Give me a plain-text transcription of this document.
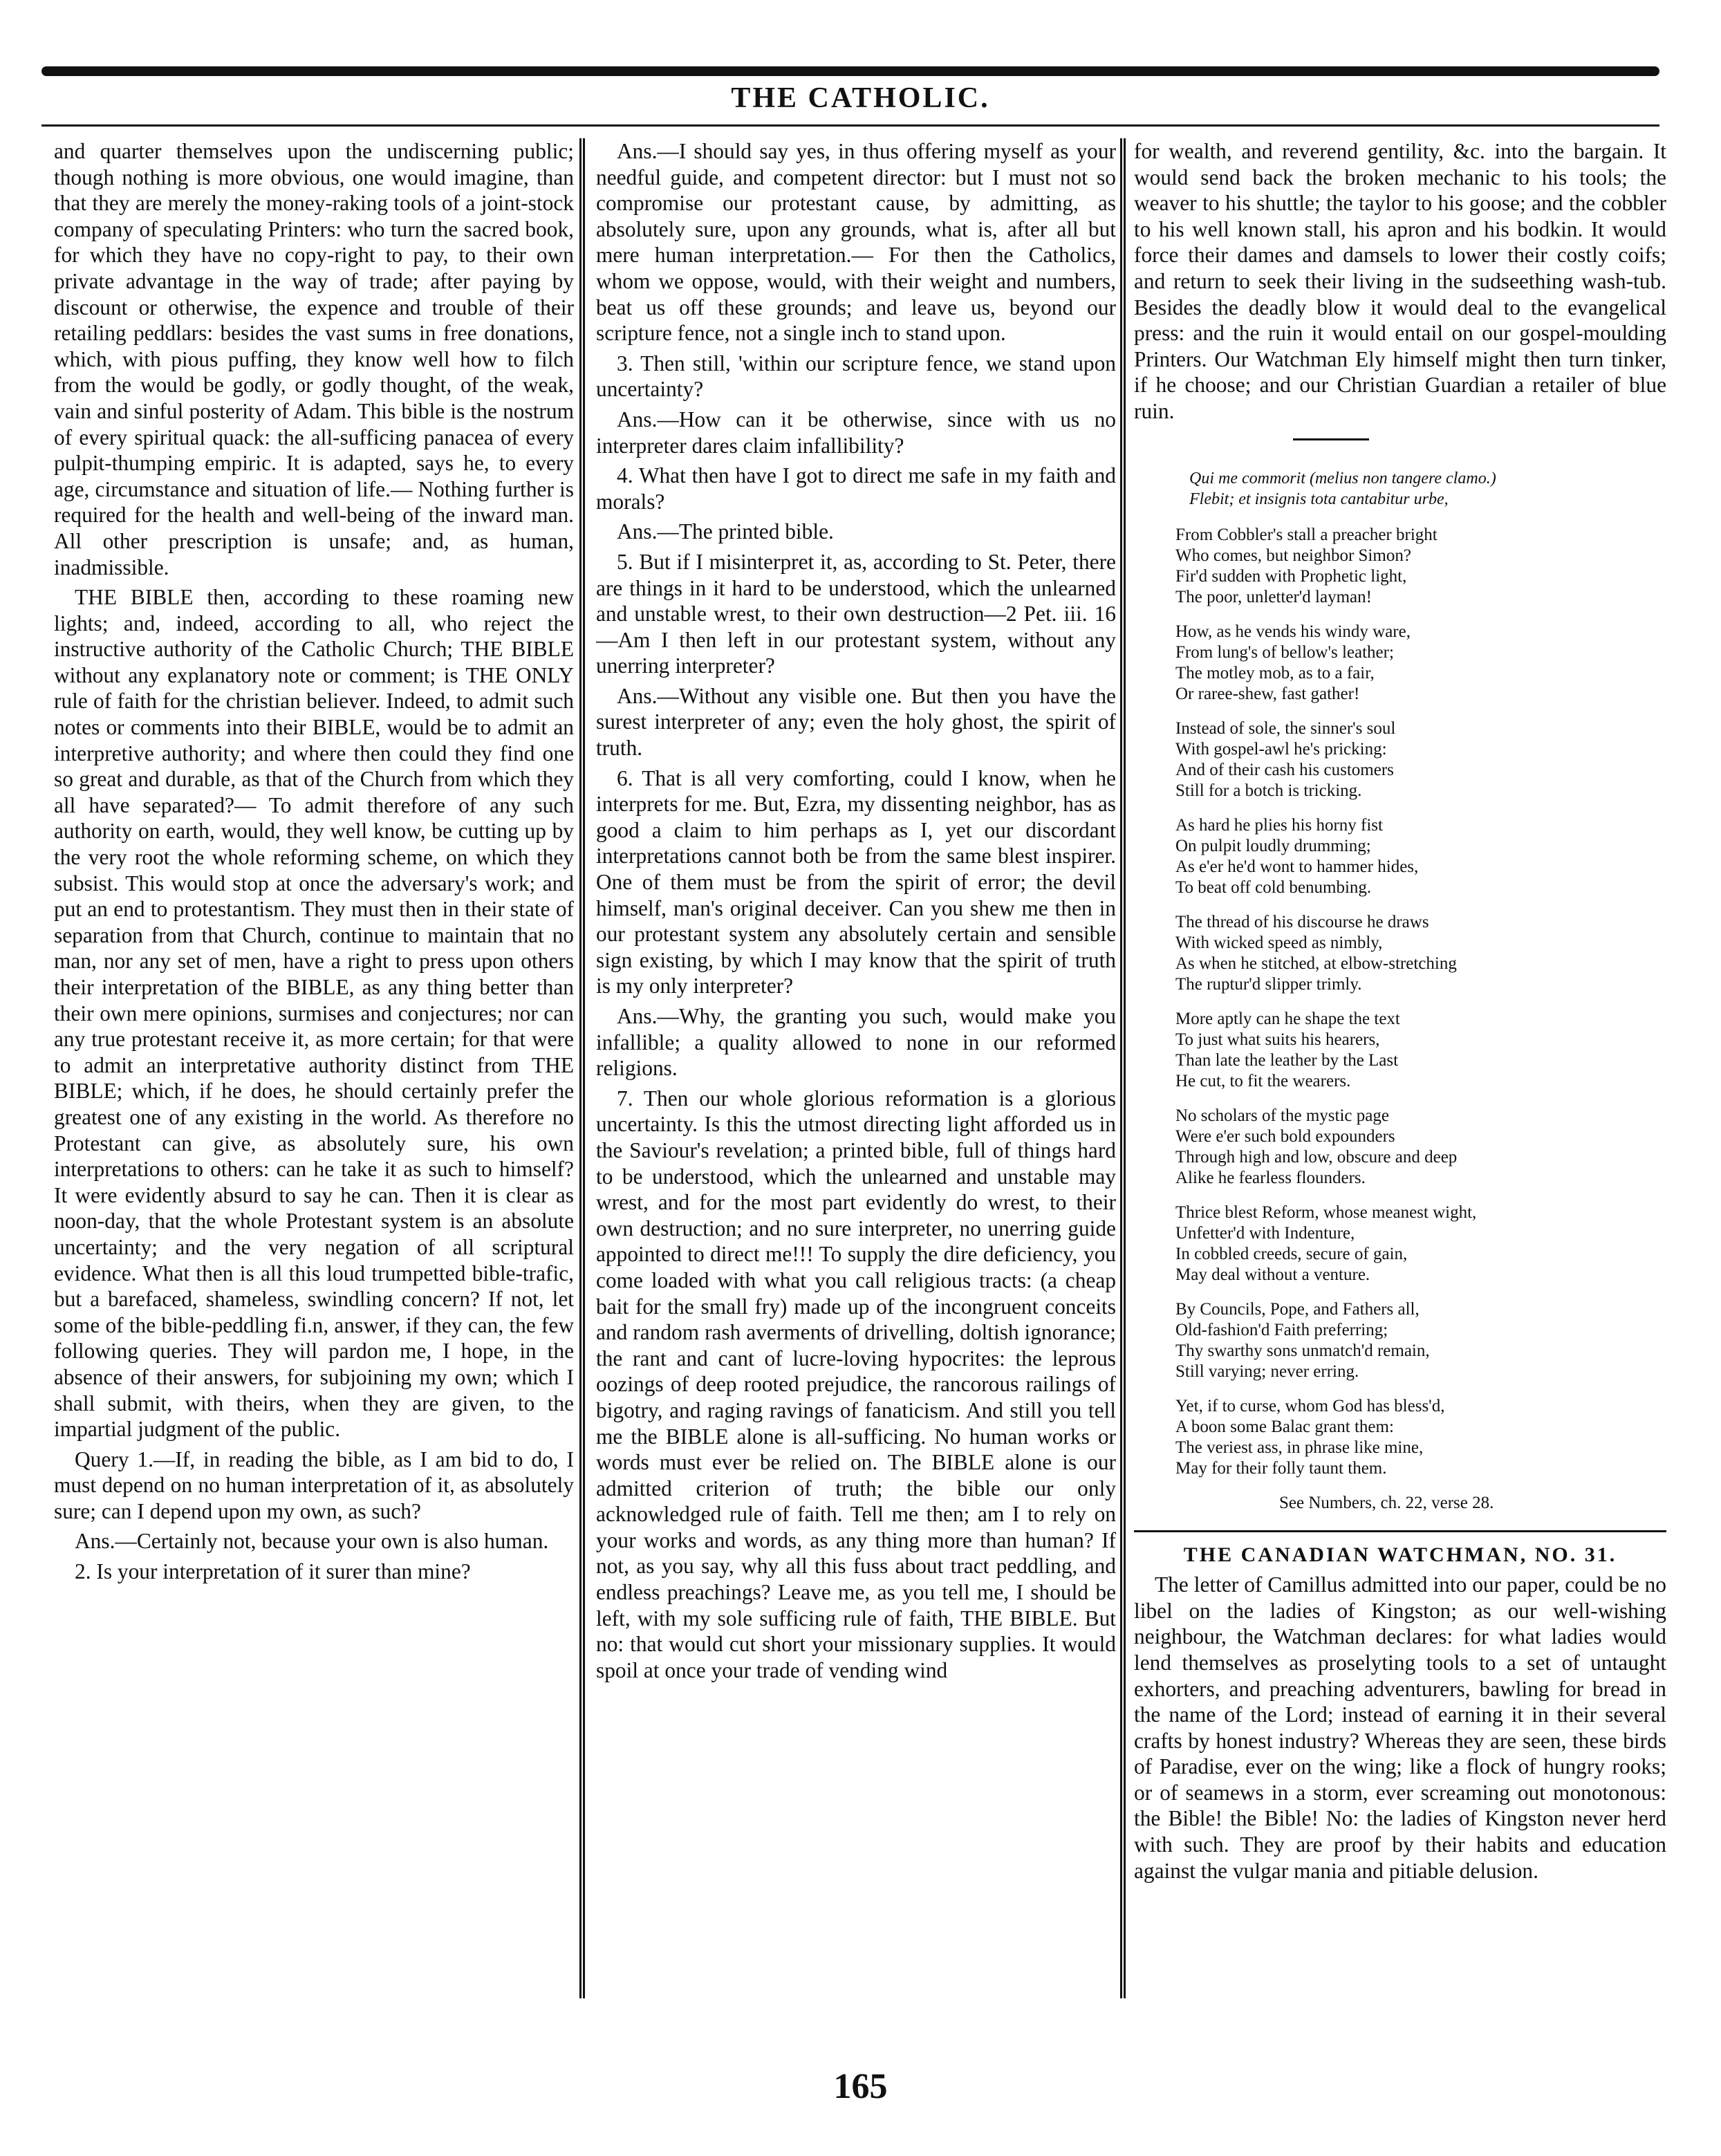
THE CATHOLIC.

and quarter themselves upon the undiscerning public; though nothing is more obvious, one would imagine, than that they are merely the money-raking tools of a joint-stock company of speculating Printers: who turn the sacred book, for which they have no copy-right to pay, to their own private advantage in the way of trade; after paying by discount or otherwise, the expence and trouble of their retailing peddlars: besides the vast sums in free donations, which, with pious puffing, they know well how to filch from the would be godly, or godly thought, of the weak, vain and sinful posterity of Adam. This bible is the nostrum of every spiritual quack: the all-sufficing panacea of every pulpit-thumping empiric. It is adapted, says he, to every age, circumstance and situation of life.— Nothing further is required for the health and well-being of the inward man. All other prescription is unsafe; and, as human, inadmissible.

THE BIBLE then, according to these roaming new lights; and, indeed, according to all, who reject the instructive authority of the Catholic Church; THE BIBLE without any explanatory note or comment; is THE ONLY rule of faith for the christian believer. Indeed, to admit such notes or comments into their BIBLE, would be to admit an interpretive authority; and where then could they find one so great and durable, as that of the Church from which they all have separated?— To admit therefore of any such authority on earth, would, they well know, be cutting up by the very root the whole reforming scheme, on which they subsist. This would stop at once the adversary's work; and put an end to protestantism. They must then in their state of separation from that Church, continue to maintain that no man, nor any set of men, have a right to press upon others their interpretation of the BIBLE, as any thing better than their own mere opinions, surmises and conjectures; nor can any true protestant receive it, as more certain; for that were to admit an interpretative authority distinct from THE BIBLE; which, if he does, he should certainly prefer the greatest one of any existing in the world. As therefore no Protestant can give, as absolutely sure, his own interpretations to others: can he take it as such to himself? It were evidently absurd to say he can. Then it is clear as noon-day, that the whole Protestant system is an absolute uncertainty; and the very negation of all scriptural evidence. What then is all this loud trumpetted bible-trafic, but a barefaced, shameless, swindling concern? If not, let some of the bible-peddling fi.n, answer, if they can, the few following queries. They will pardon me, I hope, in the absence of their answers, for subjoining my own; which I shall submit, with theirs, when they are given, to the impartial judgment of the public.

Query 1.—If, in reading the bible, as I am bid to do, I must depend on no human interpretation of it, as absolutely sure; can I depend upon my own, as such?

Ans.—Certainly not, because your own is also human.

2. Is your interpretation of it surer than mine?

Ans.—I should say yes, in thus offering myself as your needful guide, and competent director: but I must not so compromise our protestant cause, by admitting, as absolutely sure, upon any grounds, what is, after all but mere human interpretation.— For then the Catholics, whom we oppose, would, with their weight and numbers, beat us off these grounds; and leave us, beyond our scripture fence, not a single inch to stand upon.

3. Then still, 'within our scripture fence, we stand upon uncertainty?

Ans.—How can it be otherwise, since with us no interpreter dares claim infallibility?

4. What then have I got to direct me safe in my faith and morals?

Ans.—The printed bible.

5. But if I misinterpret it, as, according to St. Peter, there are things in it hard to be understood, which the unlearned and unstable wrest, to their own destruction—2 Pet. iii. 16—Am I then left in our protestant system, without any unerring interpreter?

Ans.—Without any visible one. But then you have the surest interpreter of any; even the holy ghost, the spirit of truth.

6. That is all very comforting, could I know, when he interprets for me. But, Ezra, my dissenting neighbor, has as good a claim to him perhaps as I, yet our discordant interpretations cannot both be from the same blest inspirer. One of them must be from the spirit of error; the devil himself, man's original deceiver. Can you shew me then in our protestant system any absolutely certain and sensible sign existing, by which I may know that the spirit of truth is my only interpreter?

Ans.—Why, the granting you such, would make you infallible; a quality allowed to none in our reformed religions.

7. Then our whole glorious reformation is a glorious uncertainty. Is this the utmost directing light afforded us in the Saviour's revelation; a printed bible, full of things hard to be understood, which the unlearned and unstable may wrest, and for the most part evidently do wrest, to their own destruction; and no sure interpreter, no unerring guide appointed to direct me!!! To supply the dire deficiency, you come loaded with what you call religious tracts: (a cheap bait for the small fry) made up of the incongruent conceits and random rash averments of drivelling, doltish ignorance; the rant and cant of lucre-loving hypocrites: the leprous oozings of deep rooted prejudice, the rancorous railings of bigotry, and raging ravings of fanaticism. And still you tell me the BIBLE alone is all-sufficing. No human works or words must ever be relied on. The BIBLE alone is our admitted criterion of truth; the bible our only acknowledged rule of faith. Tell me then; am I to rely on your works and words, as any thing more than human? If not, as you say, why all this fuss about tract peddling, and endless preachings? Leave me, as you tell me, I should be left, with my sole sufficing rule of faith, THE BIBLE. But no: that would cut short your missionary supplies. It would spoil at once your trade of vending wind

for wealth, and reverend gentility, &c. into the bargain. It would send back the broken mechanic to his tools; the weaver to his shuttle; the taylor to his goose; and the cobbler to his well known stall, his apron and his bodkin. It would force their dames and damsels to lower their costly coifs; and return to seek their living in the sudseething wash-tub. Besides the deadly blow it would deal to the evangelical press: and the ruin it would entail on our gospel-moulding Printers. Our Watchman Ely himself might then turn tinker, if he choose; and our Christian Guardian a retailer of blue ruin.

Qui me commorit (melius non tangere clamo.)
Flebit; et insignis tota cantabitur urbe,
From Cobbler's stall a preacher bright
Who comes, but neighbor Simon?
Fir'd sudden with Prophetic light,
The poor, unletter'd layman!
How, as he vends his windy ware,
From lung's of bellow's leather;
The motley mob, as to a fair,
Or raree-shew, fast gather!
Instead of sole, the sinner's soul
With gospel-awl he's pricking:
And of their cash his customers
Still for a botch is tricking.
As hard he plies his horny fist
On pulpit loudly drumming;
As e'er he'd wont to hammer hides,
To beat off cold benumbing.
The thread of his discourse he draws
With wicked speed as nimbly,
As when he stitched, at elbow-stretching
The ruptur'd slipper trimly.
More aptly can he shape the text
To just what suits his hearers,
Than late the leather by the Last
He cut, to fit the wearers.
No scholars of the mystic page
Were e'er such bold expounders
Through high and low, obscure and deep
Alike he fearless flounders.
Thrice blest Reform, whose meanest wight,
Unfetter'd with Indenture,
In cobbled creeds, secure of gain,
May deal without a venture.
By Councils, Pope, and Fathers all,
Old-fashion'd Faith preferring;
Thy swarthy sons unmatch'd remain,
Still varying; never erring.
Yet, if to curse, whom God has bless'd,
A boon some Balac grant them:
The veriest ass, in phrase like mine,
May for their folly taunt them.
See Numbers, ch. 22, verse 28.
THE CANADIAN WATCHMAN, NO. 31.

The letter of Camillus admitted into our paper, could be no libel on the ladies of Kingston; as our well-wishing neighbour, the Watchman declares: for what ladies would lend themselves as proselyting tools to a set of untaught exhorters, and preaching adventurers, bawling for bread in the name of the Lord; instead of earning it in their several crafts by honest industry? Whereas they are seen, these birds of Paradise, ever on the wing; like a flock of hungry rooks; or of seamews in a storm, ever screaming out monotonous: the Bible! the Bible! No: the ladies of Kingston never herd with such. They are proof by their habits and education against the vulgar mania and pitiable delusion.

165
